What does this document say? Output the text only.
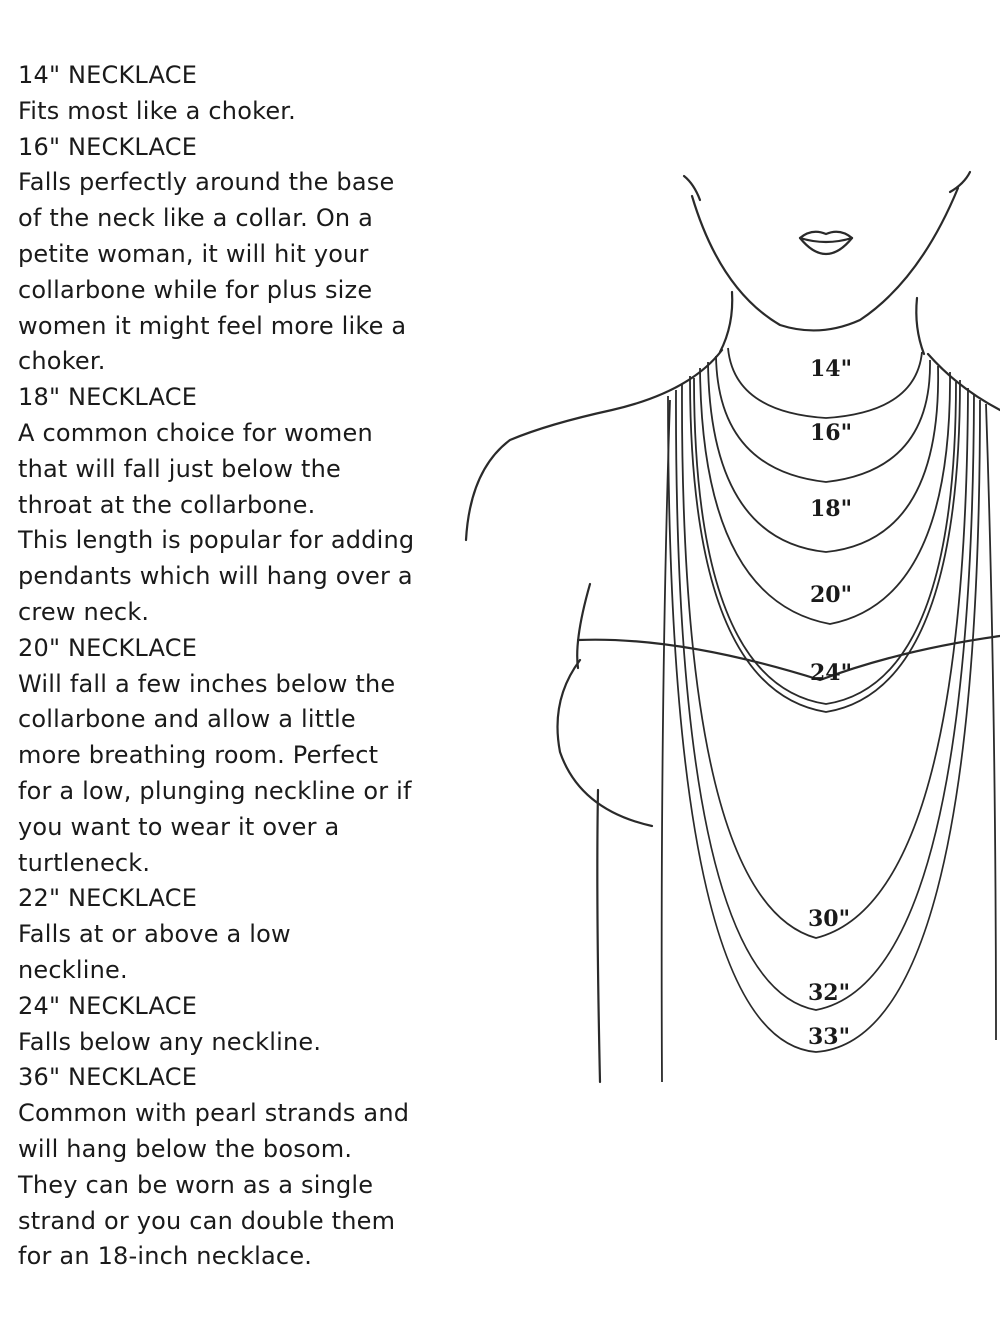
14" NECKLACE
Fits most like a choker.
16" NECKLACE
Falls perfectly around the base
of the neck like a collar. On a
petite woman, it will hit your
collarbone while for plus size
women it might feel more like a
choker.
18" NECKLACE
A common choice for women
that will fall just below the
throat at the collarbone.
This length is popular for adding
pendants which will hang over a
crew neck.
20" NECKLACE
Will fall a few inches below the
collarbone and allow a little
more breathing room. Perfect
for a low, plunging neckline or if
you want to wear it over a
turtleneck.
22" NECKLACE
Falls at or above a low
neckline.
24" NECKLACE
Falls below any neckline.
36" NECKLACE
Common with pearl strands and
will hang below the bosom.
They can be worn as a single
strand or you can double them
for an 18-inch necklace.
14"
16"
18"
20"
24"
30"
32"
33"
